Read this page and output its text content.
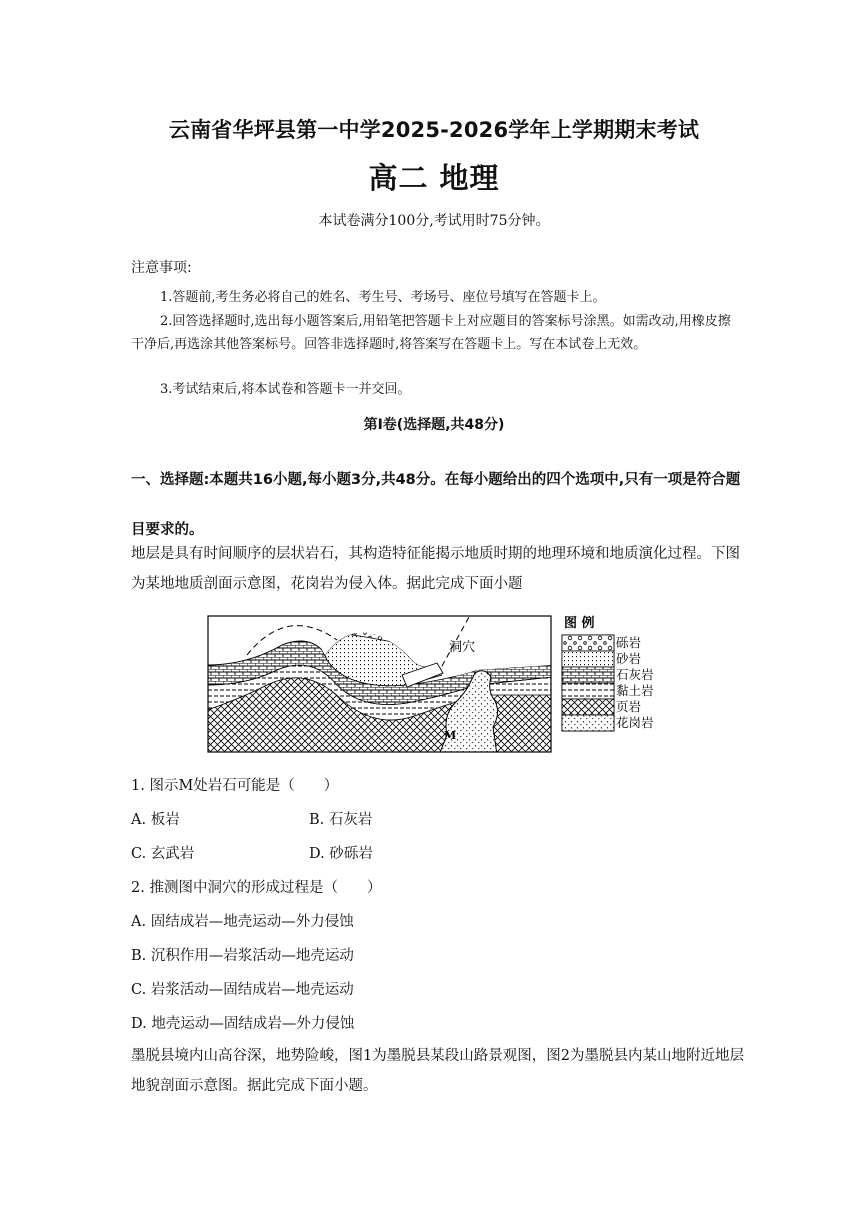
云南省华坪县第一中学2025-2026学年上学期期末考试
高二 地理
本试卷满分100分,考试用时75分钟。
注意事项:
1.答题前,考生务必将自己的姓名、考生号、考场号、座位号填写在答题卡上。
2.回答选择题时,选出每小题答案后,用铅笔把答题卡上对应题目的答案标号涂黑。如需改动,用橡皮擦干净后,再选涂其他答案标号。回答非选择题时,将答案写在答题卡上。写在本试卷上无效。
3.考试结束后,将本试卷和答题卡一并交回。
第Ⅰ卷(选择题,共48分)
一、选择题:本题共16小题,每小题3分,共48分。在每小题给出的四个选项中,只有一项是符合题目要求的。
地层是具有时间顺序的层状岩石，其构造特征能揭示地质时期的地理环境和地质演化过程。下图为某地地质剖面示意图，花岗岩为侵入体。据此完成下面小题
洞穴
M
图 例
砾岩
砂岩
石灰岩
黏土岩
页岩
花岗岩
1. 图示M处岩石可能是（　　）
A. 板岩	B. 石灰岩
C. 玄武岩	D. 砂砾岩
2. 推测图中洞穴的形成过程是（　　）
A. 固结成岩—地壳运动—外力侵蚀
B. 沉积作用—岩浆活动—地壳运动
C. 岩浆活动—固结成岩—地壳运动
D. 地壳运动—固结成岩—外力侵蚀
墨脱县境内山高谷深，地势险峻，图1为墨脱县某段山路景观图，图2为墨脱县内某山地附近地层地貌剖面示意图。据此完成下面小题。
